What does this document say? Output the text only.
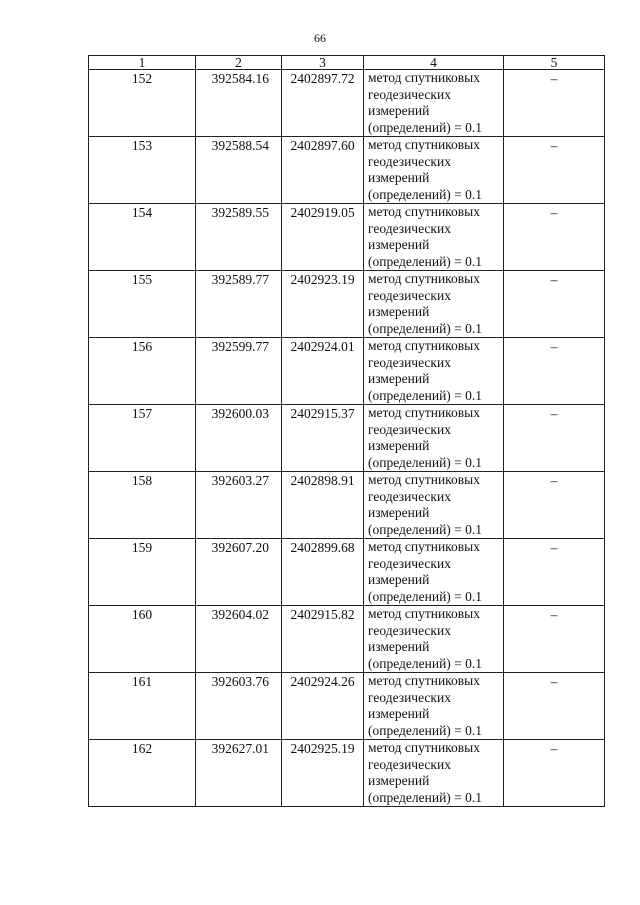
66
1	2	3	4	5
152	392584.16	2402897.72	метод спутниковых
геодезических
измерений
(определений) = 0.1	–
153	392588.54	2402897.60	метод спутниковых
геодезических
измерений
(определений) = 0.1	–
154	392589.55	2402919.05	метод спутниковых
геодезических
измерений
(определений) = 0.1	–
155	392589.77	2402923.19	метод спутниковых
геодезических
измерений
(определений) = 0.1	–
156	392599.77	2402924.01	метод спутниковых
геодезических
измерений
(определений) = 0.1	–
157	392600.03	2402915.37	метод спутниковых
геодезических
измерений
(определений) = 0.1	–
158	392603.27	2402898.91	метод спутниковых
геодезических
измерений
(определений) = 0.1	–
159	392607.20	2402899.68	метод спутниковых
геодезических
измерений
(определений) = 0.1	–
160	392604.02	2402915.82	метод спутниковых
геодезических
измерений
(определений) = 0.1	–
161	392603.76	2402924.26	метод спутниковых
геодезических
измерений
(определений) = 0.1	–
162	392627.01	2402925.19	метод спутниковых
геодезических
измерений
(определений) = 0.1	–
